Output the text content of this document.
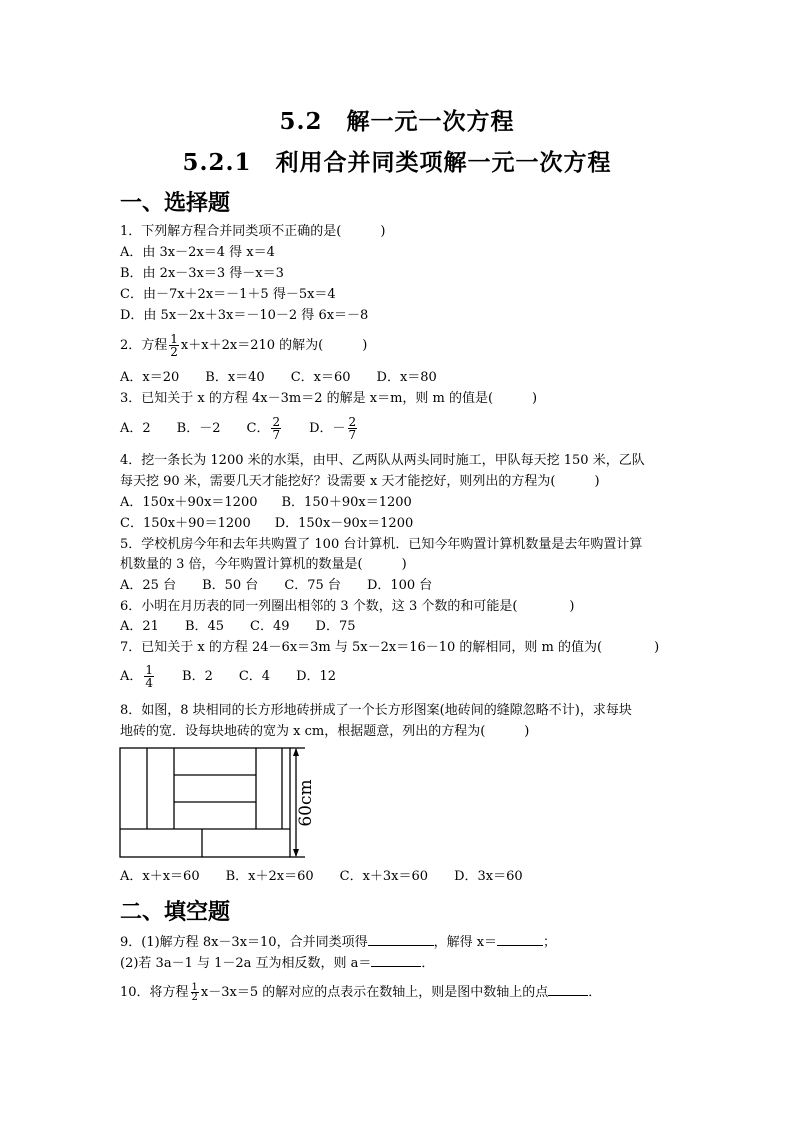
5.2　解一元一次方程
5.2.1　利用合并同类项解一元一次方程
一、选择题
1．下列解方程合并同类项不正确的是(　　　)
A．由 3x－2x＝4 得 x＝4
B．由 2x－3x＝3 得－x＝3
C．由－7x＋2x＝－1＋5 得－5x＝4
D．由 5x－2x＋3x＝－10－2 得 6x＝－8
2．方程 $\frac{1}{2} x+x+2x=210$ 的解为(　　　)
A．x＝20 B．x＝40 C．x＝60 D．x＝80
3．已知关于 x 的方程 4x－3m＝2 的解是 x＝m，则 m 的值是(　　　)
A．2 B．－2 C． $\frac{2}{7}$ D．－ $\frac{2}{7}$
4．挖一条长为 1200 米的水渠，由甲、乙两队从两头同时施工，甲队每天挖 150 米，乙队
每天挖 90 米，需要几天才能挖好？设需要 x 天才能挖好，则列出的方程为(　　　)
A．150x＋90x＝1200 B．150＋90x＝1200
C．150x＋90＝1200 D．150x－90x＝1200
5．学校机房今年和去年共购置了 100 台计算机．已知今年购置计算机数量是去年购置计算
机数量的 3 倍，今年购置计算机的数量是(　　　)
A．25 台 B．50 台 C．75 台 D．100 台
6．小明在月历表的同一列圈出相邻的 3 个数，这 3 个数的和可能是(　　　　)
A．21 B．45 C．49 D．75
7．已知关于 x 的方程 24－6x＝3m 与 5x－2x＝16－10 的解相同，则 m 的值为(　　　　)
A． $\frac{1}{4}$ B．2 C．4 D．12
8．如图，8 块相同的长方形地砖拼成了一个长方形图案(地砖间的缝隙忽略不计)，求每块
地砖的宽．设每块地砖的宽为 x cm，根据题意，列出的方程为(　　　)
60cm
A．x＋x＝60 B．x＋2x＝60 C．x＋3x＝60 D．3x＝60
二、填空题
9．(1)解方程 8x－3x＝10，合并同类项得	，解得 x＝	；
(2)若 3a－1 与 1－2a 互为相反数，则 a＝	．
10．将方程 $\frac{1}{2} x-3x=5$ 的解对应的点表示在数轴上，则是图中数轴上的点	．
